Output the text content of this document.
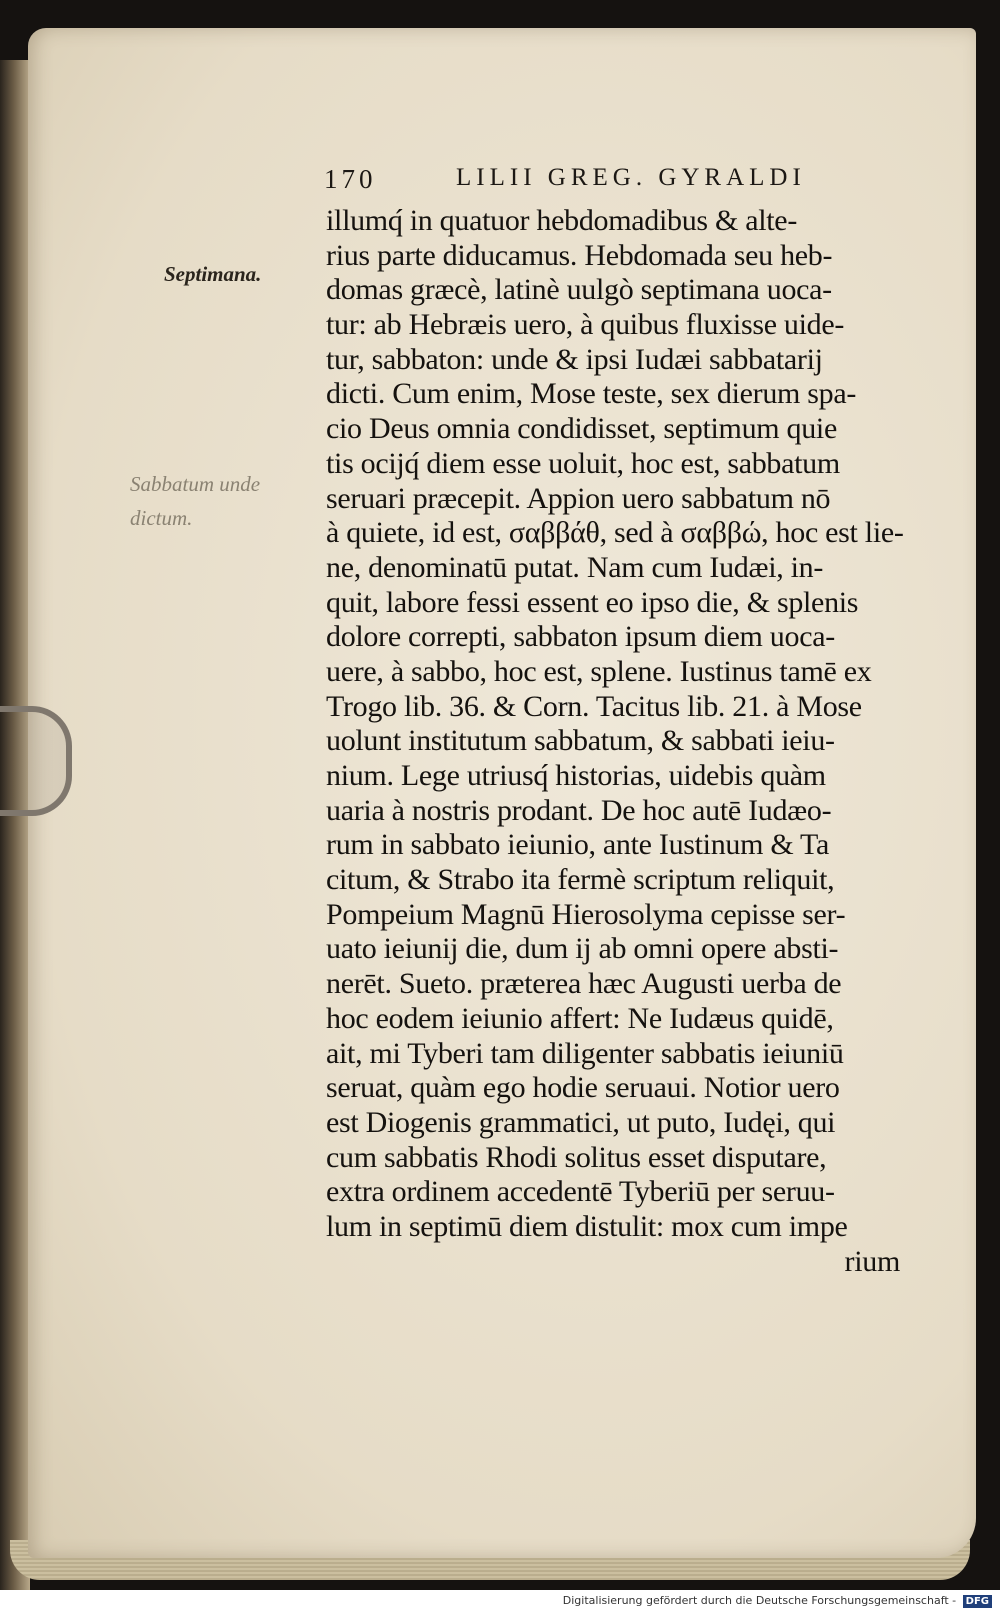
170	LILII GREG. GYRALDI
Septimana.
Sabbatum unde
dictum.
illumq́ in quatuor hebdomadibus & alte-
rius parte diducamus. Hebdomada seu heb-
domas græcè, latinè uulgò septimana uoca-
tur: ab Hebræis uero, à quibus fluxisse uide-
tur, sabbaton: unde & ipsi Iudæi sabbatarij
dicti. Cum enim, Mose teste, sex dierum spa-
cio Deus omnia condidisset, septimum quie
tis ocijq́ diem esse uoluit, hoc est, sabbatum
seruari præcepit. Appion uero sabbatum nō
à quiete, id est, σαββάθ, sed à σαββώ, hoc est lie-
ne, denominatū putat. Nam cum Iudæi, in-
quit, labore fessi essent eo ipso die, & splenis
dolore correpti, sabbaton ipsum diem uoca-
uere, à sabbo, hoc est, splene. Iustinus tamē ex
Trogo lib. 36. & Corn. Tacitus lib. 21. à Mose
uolunt institutum sabbatum, & sabbati ieiu-
nium. Lege utriusq́ historias, uidebis quàm
uaria à nostris prodant. De hoc autē Iudæo-
rum in sabbato ieiunio, ante Iustinum & Ta
citum, & Strabo ita fermè scriptum reliquit,
Pompeium Magnū Hierosolyma cepisse ser-
uato ieiunij die, dum ij ab omni opere absti-
nerēt. Sueto. præterea hæc Augusti uerba de
hoc eodem ieiunio affert: Ne Iudæus quidē,
ait, mi Tyberi tam diligenter sabbatis ieiuniū
seruat, quàm ego hodie seruaui. Notior uero
est Diogenis grammatici, ut puto, Iudęi, qui
cum sabbatis Rhodi solitus esset disputare,
extra ordinem accedentē Tyberiū per seruu-
lum in septimū diem distulit: mox cum impe
rium
Digitalisierung gefördert durch die Deutsche Forschungsgemeinschaft - DFG
